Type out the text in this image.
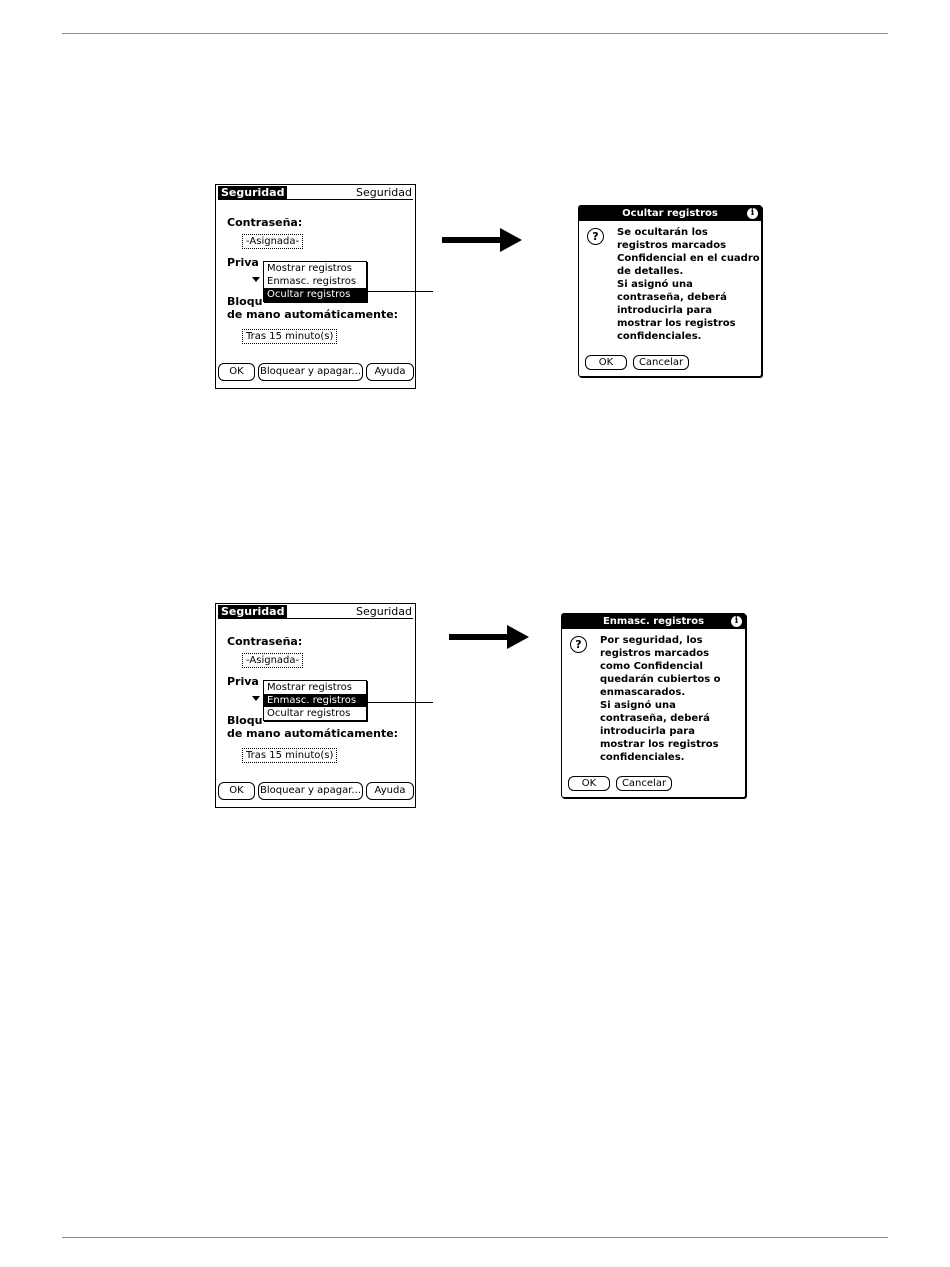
Seguridad	Seguridad
Contraseña:
-Asignada-
Priva
Bloqu
de mano automáticamente:
Tras 15 minuto(s)
Mostrar registros
Enmasc. registros
Ocultar registros
OK	Bloquear y apagar...	Ayuda
Ocultar registros	i
?	Se ocultarán los
registros marcados
Confidencial en el cuadro
de detalles.
Si asignó una
contraseña, deberá
introducirla para
mostrar los registros
confidenciales.
OK	Cancelar
Seguridad	Seguridad
Contraseña:
-Asignada-
Priva
Bloqu
de mano automáticamente:
Tras 15 minuto(s)
Mostrar registros
Enmasc. registros
Ocultar registros
OK	Bloquear y apagar...	Ayuda
Enmasc. registros	i
?	Por seguridad, los
registros marcados
como Confidencial
quedarán cubiertos o
enmascarados.
Si asignó una
contraseña, deberá
introducirla para
mostrar los registros
confidenciales.
OK	Cancelar
